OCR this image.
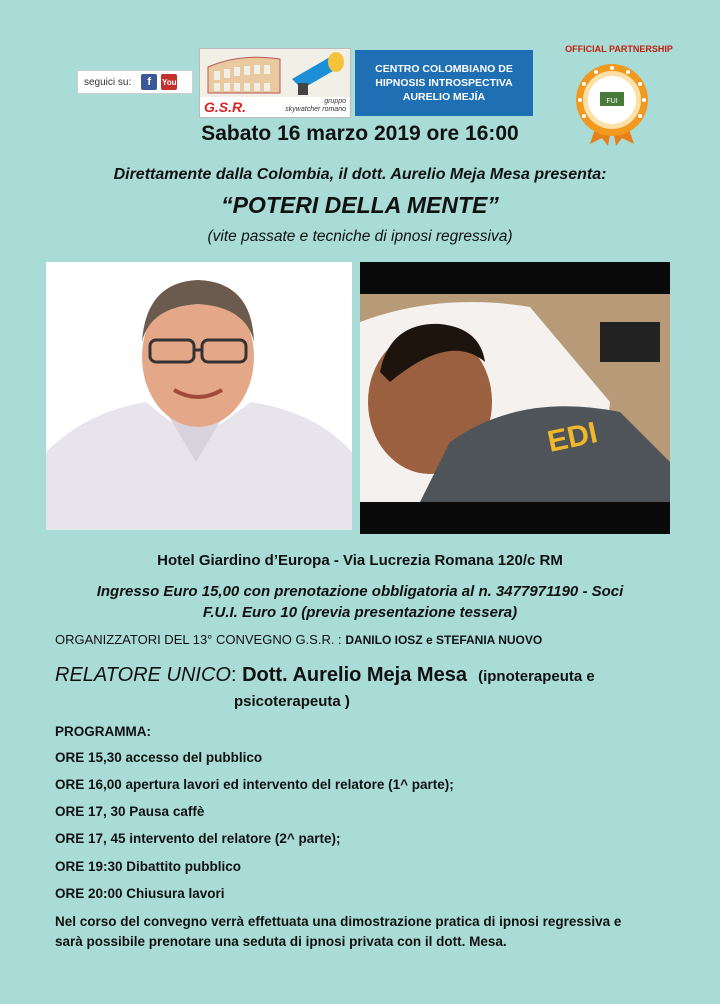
seguici su:	f	You
G.S.R.	gruppo
skywatcher romano
CENTRO COLOMBIANO DE
HIPNOSIS INTROSPECTIVA
AURELIO MEJÍA
OFFICIAL PARTNERSHIP
FUI
Sabato 16 marzo 2019 ore 16:00
Direttamente dalla Colombia, il dott. Aurelio Meja Mesa presenta:
“POTERI DELLA MENTE”
(vite passate e tecniche di ipnosi regressiva)
EDI
Hotel Giardino d’Europa - Via Lucrezia Romana 120/c RM
Ingresso Euro 15,00 con prenotazione obbligatoria al n. 3477971190 - Soci
F.U.I. Euro 10 (previa presentazione tessera)
ORGANIZZATORI DEL 13° CONVEGNO G.S.R. : DANILO IOSZ e STEFANIA NUOVO
RELATORE UNICO: Dott. Aurelio Meja Mesa (ipnoterapeuta e
psicoterapeuta )
PROGRAMMA:
ORE 15,30 accesso del pubblico
ORE 16,00 apertura lavori ed intervento del relatore (1^ parte);
ORE 17, 30 Pausa caffè
ORE 17, 45 intervento del relatore (2^ parte);
ORE 19:30 Dibattito pubblico
ORE 20:00 Chiusura lavori
Nel corso del convegno verrà effettuata una dimostrazione pratica di ipnosi regressiva e
sarà possibile prenotare una seduta di ipnosi privata con il dott. Mesa.
